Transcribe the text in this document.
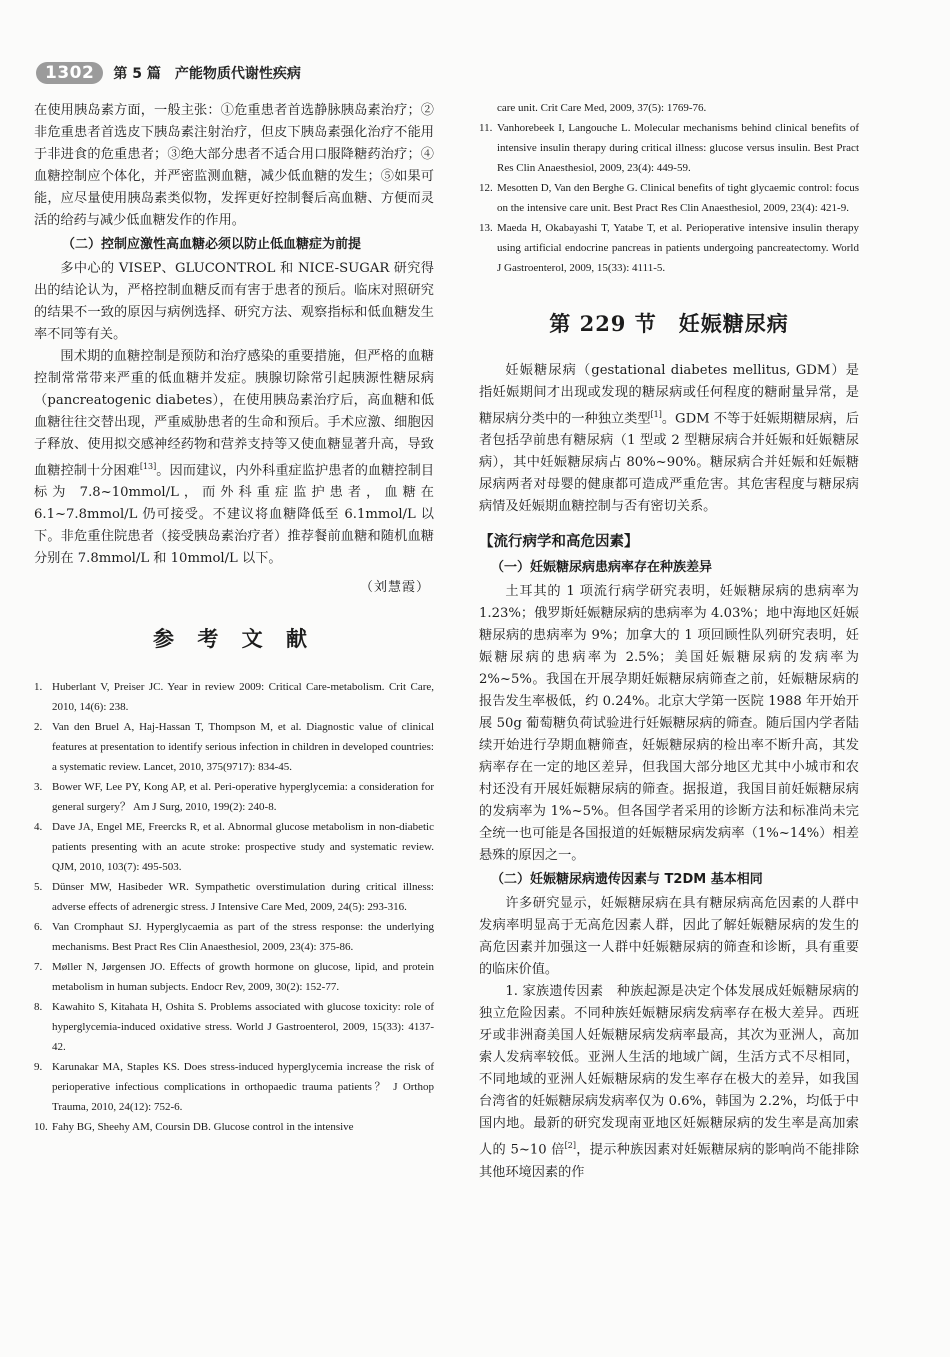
1302	第 5 篇　产能物质代谢性疾病

在使用胰岛素方面，一般主张：①危重患者首选静脉胰岛素治疗；②非危重患者首选皮下胰岛素注射治疗，但皮下胰岛素强化治疗不能用于非进食的危重患者；③绝大部分患者不适合用口服降糖药治疗；④血糖控制应个体化，并严密监测血糖，减少低血糖的发生；⑤如果可能，应尽量使用胰岛素类似物，发挥更好控制餐后高血糖、方便而灵活的给药与减少低血糖发作的作用。

（二）控制应激性高血糖必须以防止低血糖症为前提

多中心的 VISEP、GLUCONTROL 和 NICE-SUGAR 研究得出的结论认为，严格控制血糖反而有害于患者的预后。临床对照研究的结果不一致的原因与病例选择、研究方法、观察指标和低血糖发生率不同等有关。

围术期的血糖控制是预防和治疗感染的重要措施，但严格的血糖控制常常带来严重的低血糖并发症。胰腺切除常引起胰源性糖尿病（pancreatogenic diabetes），在使用胰岛素治疗后，高血糖和低血糖往往交替出现，严重威胁患者的生命和预后。手术应激、细胞因子释放、使用拟交感神经药物和营养支持等又使血糖显著升高，导致血糖控制十分困难[13]。因而建议，内外科重症监护患者的血糖控制目标为 7.8~10mmol/L，而外科重症监护患者，血糖在 6.1~7.8mmol/L 仍可接受。不建议将血糖降低至 6.1mmol/L 以下。非危重住院患者（接受胰岛素治疗者）推荐餐前血糖和随机血糖分别在 7.8mmol/L 和 10mmol/L 以下。

（刘慧霞）
参 考 文 献
1. Huberlant V, Preiser JC. Year in review 2009: Critical Care-metabolism. Crit Care, 2010, 14(6): 238.
2. Van den Bruel A, Haj-Hassan T, Thompson M, et al. Diagnostic value of clinical features at presentation to identify serious infection in children in developed countries: a systematic review. Lancet, 2010, 375(9717): 834-45.
3. Bower WF, Lee PY, Kong AP, et al. Peri-operative hyperglycemia: a consideration for general surgery？ Am J Surg, 2010, 199(2): 240-8.
4. Dave JA, Engel ME, Freercks R, et al. Abnormal glucose metabolism in non-diabetic patients presenting with an acute stroke: prospective study and systematic review. QJM, 2010, 103(7): 495-503.
5. Dünser MW, Hasibeder WR. Sympathetic overstimulation during critical illness: adverse effects of adrenergic stress. J Intensive Care Med, 2009, 24(5): 293-316.
6. Van Cromphaut SJ. Hyperglycaemia as part of the stress response: the underlying mechanisms. Best Pract Res Clin Anaesthesiol, 2009, 23(4): 375-86.
7. Møller N, Jørgensen JO. Effects of growth hormone on glucose, lipid, and protein metabolism in human subjects. Endocr Rev, 2009, 30(2): 152-77.
8. Kawahito S, Kitahata H, Oshita S. Problems associated with glucose toxicity: role of hyperglycemia-induced oxidative stress. World J Gastroenterol, 2009, 15(33): 4137-42.
9. Karunakar MA, Staples KS. Does stress-induced hyperglycemia increase the risk of perioperative infectious complications in orthopaedic trauma patients？ J Orthop Trauma, 2010, 24(12): 752-6.
10. Fahy BG, Sheehy AM, Coursin DB. Glucose control in the intensive
care unit. Crit Care Med, 2009, 37(5): 1769-76.
11. Vanhorebeek I, Langouche L. Molecular mechanisms behind clinical benefits of intensive insulin therapy during critical illness: glucose versus insulin. Best Pract Res Clin Anaesthesiol, 2009, 23(4): 449-59.
12. Mesotten D, Van den Berghe G. Clinical benefits of tight glycaemic control: focus on the intensive care unit. Best Pract Res Clin Anaesthesiol, 2009, 23(4): 421-9.
13. Maeda H, Okabayashi T, Yatabe T, et al. Perioperative intensive insulin therapy using artificial endocrine pancreas in patients undergoing pancreatectomy. World J Gastroenterol, 2009, 15(33): 4111-5.
第 229 节　妊娠糖尿病

妊娠糖尿病（gestational diabetes mellitus, GDM）是指妊娠期间才出现或发现的糖尿病或任何程度的糖耐量异常，是糖尿病分类中的一种独立类型[1]。GDM 不等于妊娠期糖尿病，后者包括孕前患有糖尿病（1 型或 2 型糖尿病合并妊娠和妊娠糖尿病），其中妊娠糖尿病占 80%~90%。糖尿病合并妊娠和妊娠糖尿病两者对母婴的健康都可造成严重危害。其危害程度与糖尿病病情及妊娠期血糖控制与否有密切关系。

【流行病学和高危因素】
（一）妊娠糖尿病患病率存在种族差异

土耳其的 1 项流行病学研究表明，妊娠糖尿病的患病率为 1.23%；俄罗斯妊娠糖尿病的患病率为 4.03%；地中海地区妊娠糖尿病的患病率为 9%；加拿大的 1 项回顾性队列研究表明，妊娠糖尿病的患病率为 2.5%；美国妊娠糖尿病的发病率为 2%~5%。我国在开展孕期妊娠糖尿病筛查之前，妊娠糖尿病的报告发生率极低，约 0.24%。北京大学第一医院 1988 年开始开展 50g 葡萄糖负荷试验进行妊娠糖尿病的筛查。随后国内学者陆续开始进行孕期血糖筛查，妊娠糖尿病的检出率不断升高，其发病率存在一定的地区差异，但我国大部分地区尤其中小城市和农村还没有开展妊娠糖尿病的筛查。据报道，我国目前妊娠糖尿病的发病率为 1%~5%。但各国学者采用的诊断方法和标准尚未完全统一也可能是各国报道的妊娠糖尿病发病率（1%~14%）相差悬殊的原因之一。

（二）妊娠糖尿病遗传因素与 T2DM 基本相同

许多研究显示，妊娠糖尿病在具有糖尿病高危因素的人群中发病率明显高于无高危因素人群，因此了解妊娠糖尿病的发生的高危因素并加强这一人群中妊娠糖尿病的筛查和诊断，具有重要的临床价值。

1. 家族遗传因素　种族起源是决定个体发展成妊娠糖尿病的独立危险因素。不同种族妊娠糖尿病发病率存在极大差异。西班牙或非洲裔美国人妊娠糖尿病发病率最高，其次为亚洲人，高加索人发病率较低。亚洲人生活的地域广阔，生活方式不尽相同，不同地域的亚洲人妊娠糖尿病的发生率存在极大的差异，如我国台湾省的妊娠糖尿病发病率仅为 0.6%，韩国为 2.2%，均低于中国内地。最新的研究发现南亚地区妊娠糖尿病的发生率是高加索人的 5~10 倍[2]，提示种族因素对妊娠糖尿病的影响尚不能排除其他环境因素的作
